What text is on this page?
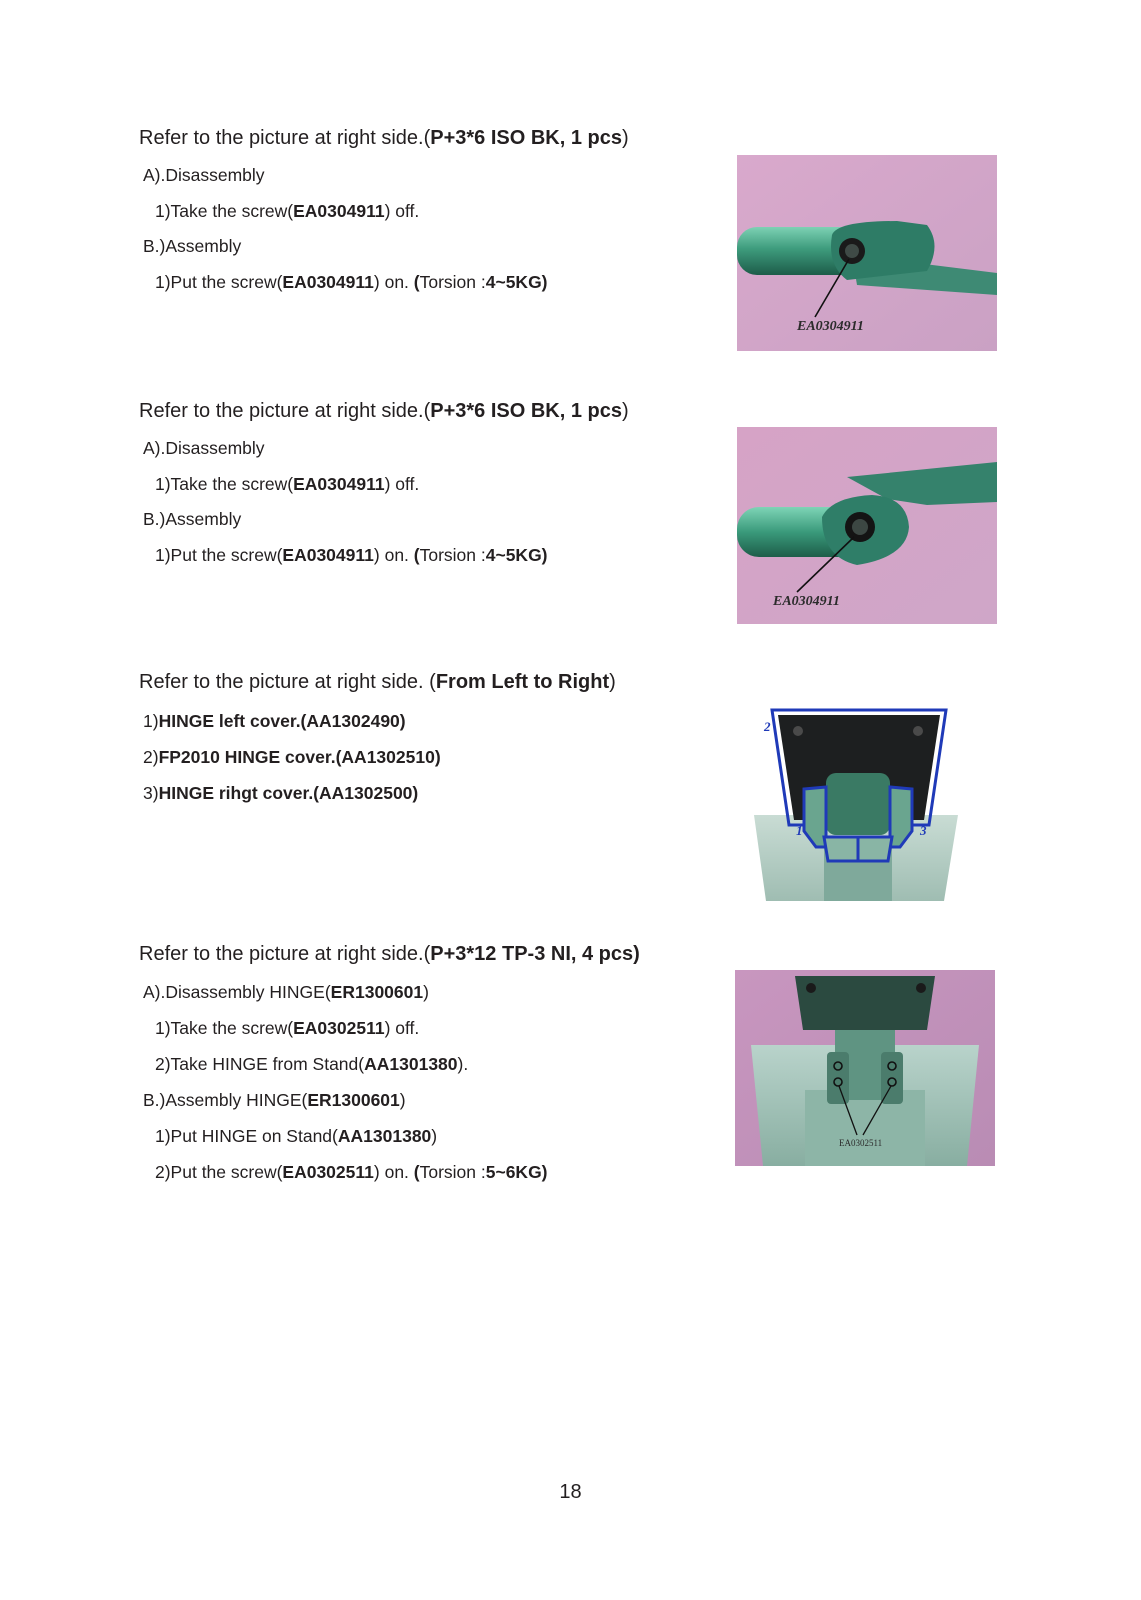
Refer to the picture at right side.(P+3*6 ISO BK, 1 pcs)
A).Disassembly
1)Take the screw(EA0304911) off.
B.)Assembly
1)Put the screw(EA0304911) on. (Torsion :4~5KG)
EA0304911
Refer to the picture at right side.(P+3*6 ISO BK, 1 pcs)
A).Disassembly
1)Take the screw(EA0304911) off.
B.)Assembly
1)Put the screw(EA0304911) on. (Torsion :4~5KG)
EA0304911
Refer to the picture at right side. (From Left to Right)
1)HINGE left cover.(AA1302490)
2)FP2010 HINGE cover.(AA1302510)
3)HINGE rihgt cover.(AA1302500)
2
1	3
Refer to the picture at right side.(P+3*12 TP-3 NI, 4 pcs)
A).Disassembly HINGE(ER1300601)
1)Take the screw(EA0302511) off.
2)Take HINGE from Stand(AA1301380).
B.)Assembly HINGE(ER1300601)
1)Put HINGE on Stand(AA1301380)
2)Put the screw(EA0302511) on. (Torsion :5~6KG)
EA0302511
18
